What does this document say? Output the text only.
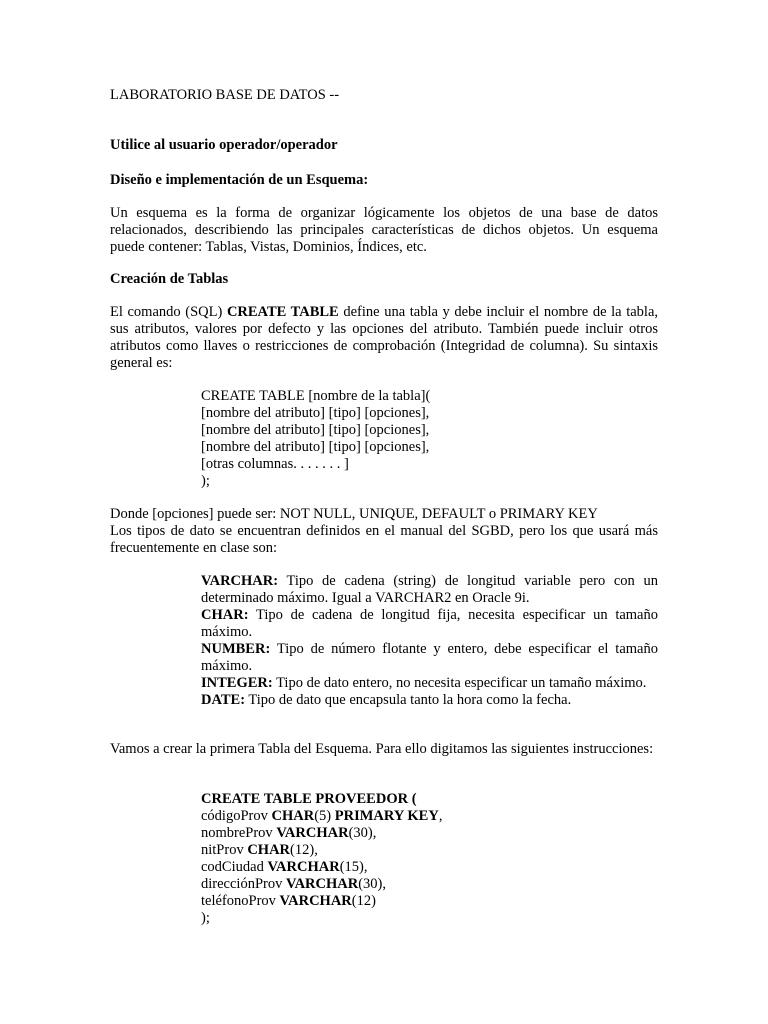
LABORATORIO BASE DE DATOS --
Utilice al usuario operador/operador
Diseño e implementación de un Esquema:
Un esquema es la forma de organizar lógicamente los objetos de una base de datos relacionados, describiendo las principales características de dichos objetos. Un esquema puede contener: Tablas, Vistas, Dominios, Índices, etc.
Creación de Tablas
El comando (SQL) CREATE TABLE define una tabla y debe incluir el nombre de la tabla, sus atributos, valores por defecto y las opciones del atributo. También puede incluir otros atributos como llaves o restricciones de comprobación (Integridad de columna). Su sintaxis general es:
CREATE TABLE [nombre de la tabla](
[nombre del atributo] [tipo] [opciones],
[nombre del atributo] [tipo] [opciones],
[nombre del atributo] [tipo] [opciones],
[otras columnas. . . . . . . ]
);
Donde [opciones] puede ser: NOT NULL, UNIQUE, DEFAULT o PRIMARY KEY
Los tipos de dato se encuentran definidos en el manual del SGBD, pero los que usará más frecuentemente en clase son:
VARCHAR: Tipo de cadena (string) de longitud variable pero con un determinado máximo. Igual a VARCHAR2 en Oracle 9i.
CHAR: Tipo de cadena de longitud fija, necesita especificar un tamaño máximo.
NUMBER: Tipo de número flotante y entero, debe especificar el tamaño máximo.
INTEGER: Tipo de dato entero, no necesita especificar un tamaño máximo.
DATE: Tipo de dato que encapsula tanto la hora como la fecha.
Vamos a crear la primera Tabla del Esquema. Para ello digitamos las siguientes instrucciones:
CREATE TABLE PROVEEDOR (
códigoProv CHAR(5) PRIMARY KEY,
nombreProv VARCHAR(30),
nitProv CHAR(12),
codCiudad VARCHAR(15),
direcciónProv VARCHAR(30),
teléfonoProv VARCHAR(12)
);
